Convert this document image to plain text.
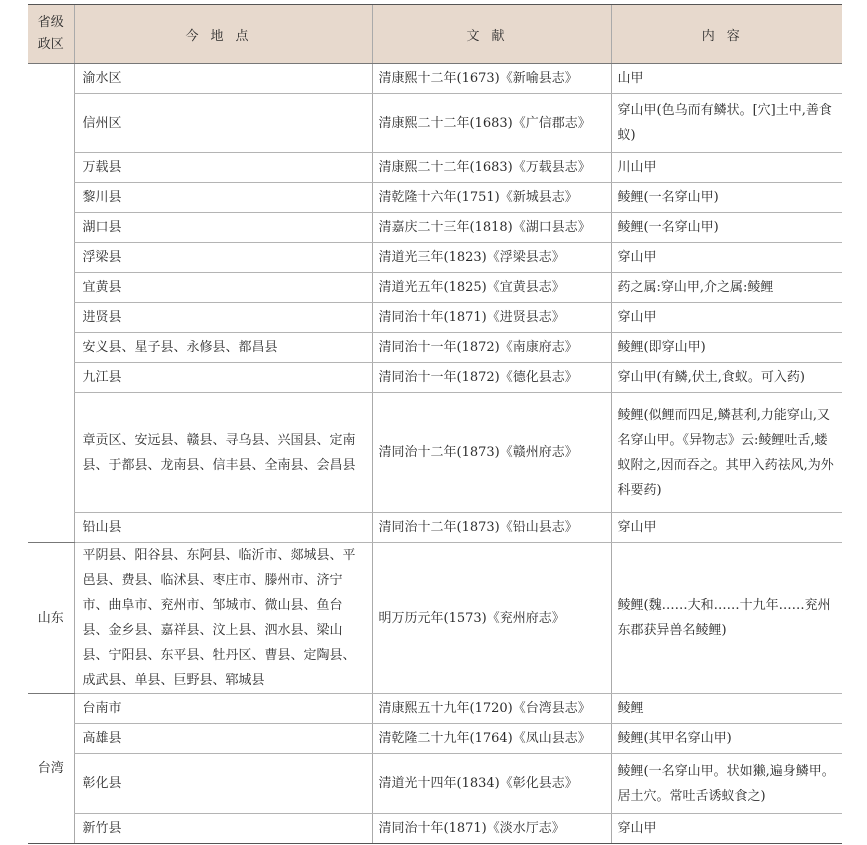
省级
政区	今地点	文献	内容
	渝水区	清康熙十二年(1673)《新喻县志》	山甲
	信州区	清康熙二十二年(1683)《广信郡志》	穿山甲(色乌而有鳞状。[穴]土中,善食蚁)
	万载县	清康熙二十二年(1683)《万载县志》	川山甲
	黎川县	清乾隆十六年(1751)《新城县志》	鲮鲤(一名穿山甲)
	湖口县	清嘉庆二十三年(1818)《湖口县志》	鲮鲤(一名穿山甲)
	浮梁县	清道光三年(1823)《浮梁县志》	穿山甲
	宜黄县	清道光五年(1825)《宜黄县志》	药之属:穿山甲,介之属:鲮鲤
	进贤县	清同治十年(1871)《进贤县志》	穿山甲
	安义县、星子县、永修县、都昌县	清同治十一年(1872)《南康府志》	鲮鲤(即穿山甲)
	九江县	清同治十一年(1872)《德化县志》	穿山甲(有鳞,伏土,食蚁。可入药)
	章贡区、安远县、赣县、寻乌县、兴国县、定南县、于都县、龙南县、信丰县、全南县、会昌县	清同治十二年(1873)《赣州府志》	鲮鲤(似鲤而四足,鳞甚利,力能穿山,又名穿山甲。《异物志》云:鲮鲤吐舌,蝼蚁附之,因而吞之。其甲入药祛风,为外科要药)
	铅山县	清同治十二年(1873)《铅山县志》	穿山甲
山东	平阴县、阳谷县、东阿县、临沂市、郯城县、平邑县、费县、临沭县、枣庄市、滕州市、济宁市、曲阜市、兖州市、邹城市、微山县、鱼台县、金乡县、嘉祥县、汶上县、泗水县、梁山县、宁阳县、东平县、牡丹区、曹县、定陶县、成武县、单县、巨野县、郓城县	明万历元年(1573)《兖州府志》	鲮鲤(魏……大和……十九年……兖州东郡获异兽名鲮鲤)
台湾	台南市	清康熙五十九年(1720)《台湾县志》	鲮鲤
	高雄县	清乾隆二十九年(1764)《凤山县志》	鲮鲤(其甲名穿山甲)
	彰化县	清道光十四年(1834)《彰化县志》	鲮鲤(一名穿山甲。状如獭,遍身鳞甲。居土穴。常吐舌诱蚁食之)
	新竹县	清同治十年(1871)《淡水厅志》	穿山甲
